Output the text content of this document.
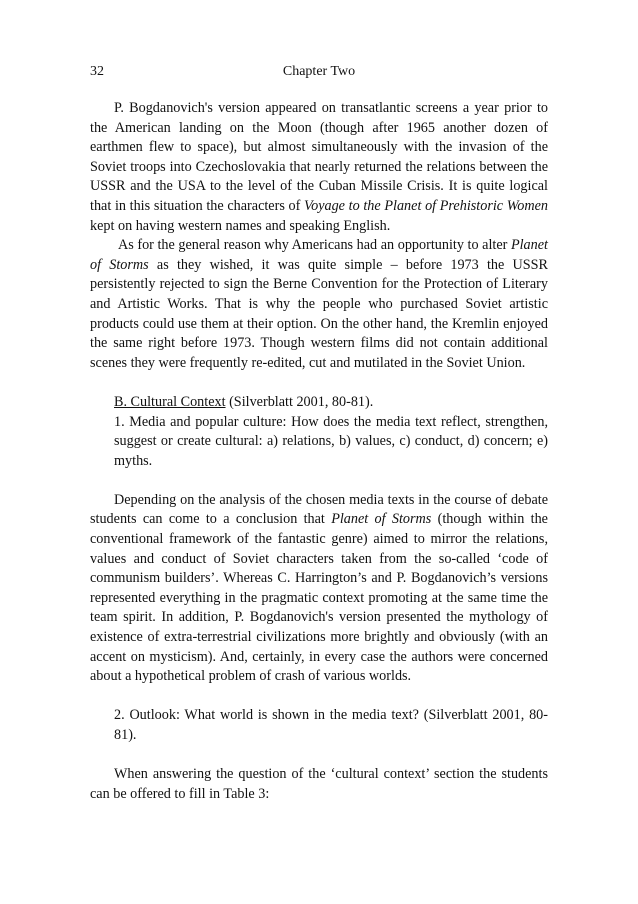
32	Chapter Two

P. Bogdanovich's version appeared on transatlantic screens a year prior to the American landing on the Moon (though after 1965 another dozen of earthmen flew to space), but almost simultaneously with the invasion of the Soviet troops into Czechoslovakia that nearly returned the relations between the USSR and the USA to the level of the Cuban Missile Crisis. It is quite logical that in this situation the characters of Voyage to the Planet of Prehistoric Women kept on having western names and speaking English.

As for the general reason why Americans had an opportunity to alter Planet of Storms as they wished, it was quite simple – before 1973 the USSR persistently rejected to sign the Berne Convention for the Protection of Literary and Artistic Works. That is why the people who purchased Soviet artistic products could use them at their option. On the other hand, the Kremlin enjoyed the same right before 1973. Though western films did not contain additional scenes they were frequently re-edited, cut and mutilated in the Soviet Union.

B. Cultural Context (Silverblatt 2001, 80-81).

1. Media and popular culture: How does the media text reflect, strengthen, suggest or create cultural: a) relations, b) values, c) conduct, d) concern; e) myths.

Depending on the analysis of the chosen media texts in the course of debate students can come to a conclusion that Planet of Storms (though within the conventional framework of the fantastic genre) aimed to mirror the relations, values and conduct of Soviet characters taken from the so-called ‘code of communism builders’. Whereas C. Harrington’s and P. Bogdanovich’s versions represented everything in the pragmatic context promoting at the same time the team spirit. In addition, P. Bogdanovich's version presented the mythology of existence of extra-terrestrial civilizations more brightly and obviously (with an accent on mysticism). And, certainly, in every case the authors were concerned about a hypothetical problem of crash of various worlds.

2. Outlook: What world is shown in the media text? (Silverblatt 2001, 80-81).

When answering the question of the ‘cultural context’ section the students can be offered to fill in Table 3:
